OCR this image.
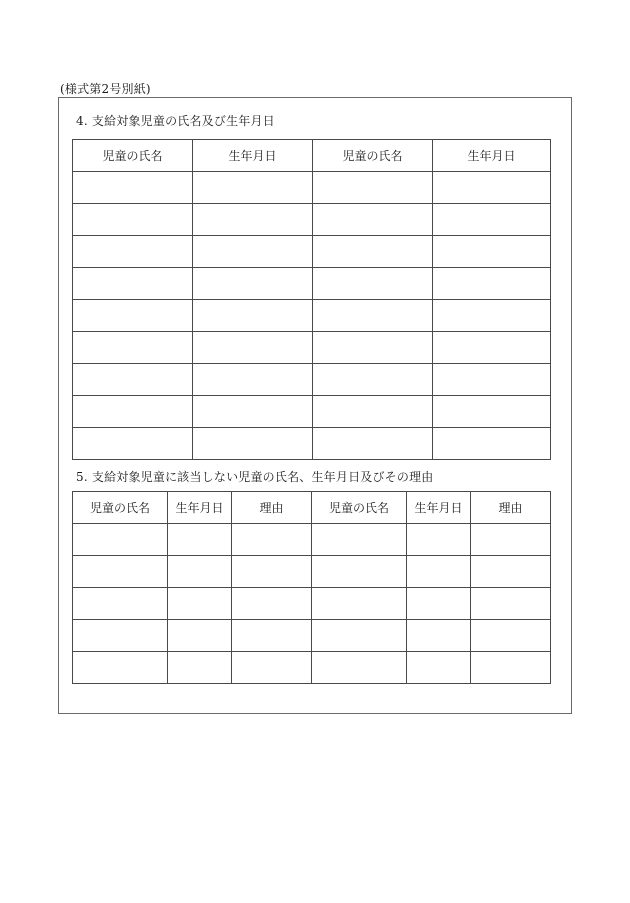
(様式第2号別紙)
4. 支給対象児童の氏名及び生年月日
児童の氏名	生年月日	児童の氏名	生年月日

5. 支給対象児童に該当しない児童の氏名、生年月日及びその理由
児童の氏名	生年月日	理由	児童の氏名	生年月日	理由
